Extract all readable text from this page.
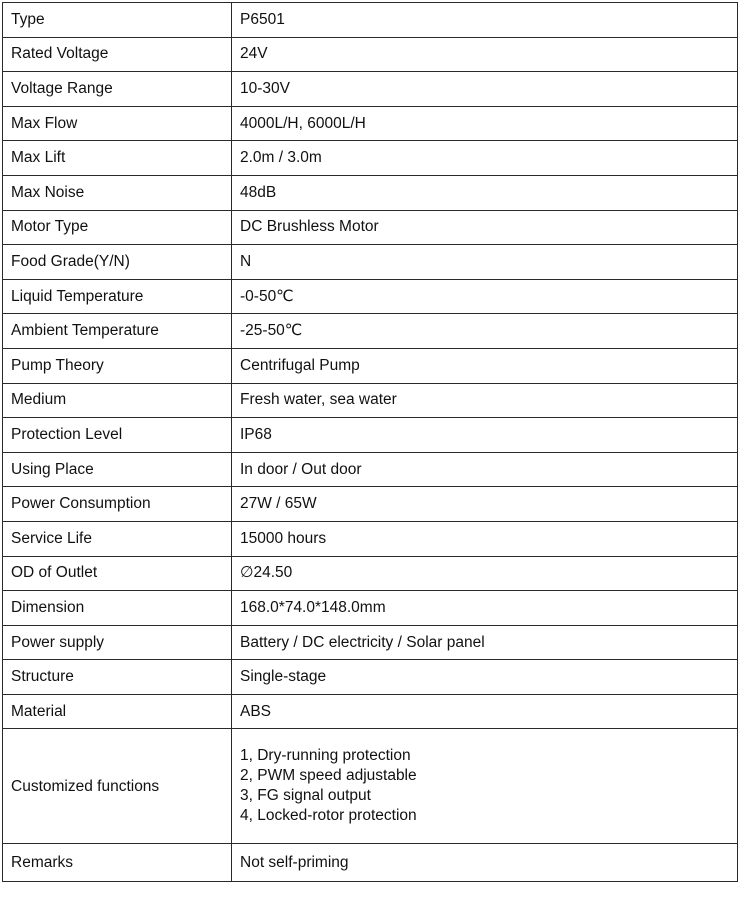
Type	P6501
Rated Voltage	24V
Voltage Range	10-30V
Max Flow	4000L/H, 6000L/H
Max Lift	2.0m / 3.0m
Max Noise	48dB
Motor Type	DC Brushless Motor
Food Grade(Y/N)	N
Liquid Temperature	-0-50℃
Ambient Temperature	-25-50℃
Pump Theory	Centrifugal Pump
Medium	Fresh water, sea water
Protection Level	IP68
Using Place	In door / Out door
Power Consumption	27W / 65W
Service Life	15000 hours
OD of Outlet	∅24.50
Dimension	168.0*74.0*148.0mm
Power supply	Battery / DC electricity / Solar panel
Structure	Single-stage
Material	ABS
Customized functions	1, Dry-running protection
2, PWM speed adjustable
3, FG signal output
4, Locked-rotor protection

Remarks	Not self-priming
